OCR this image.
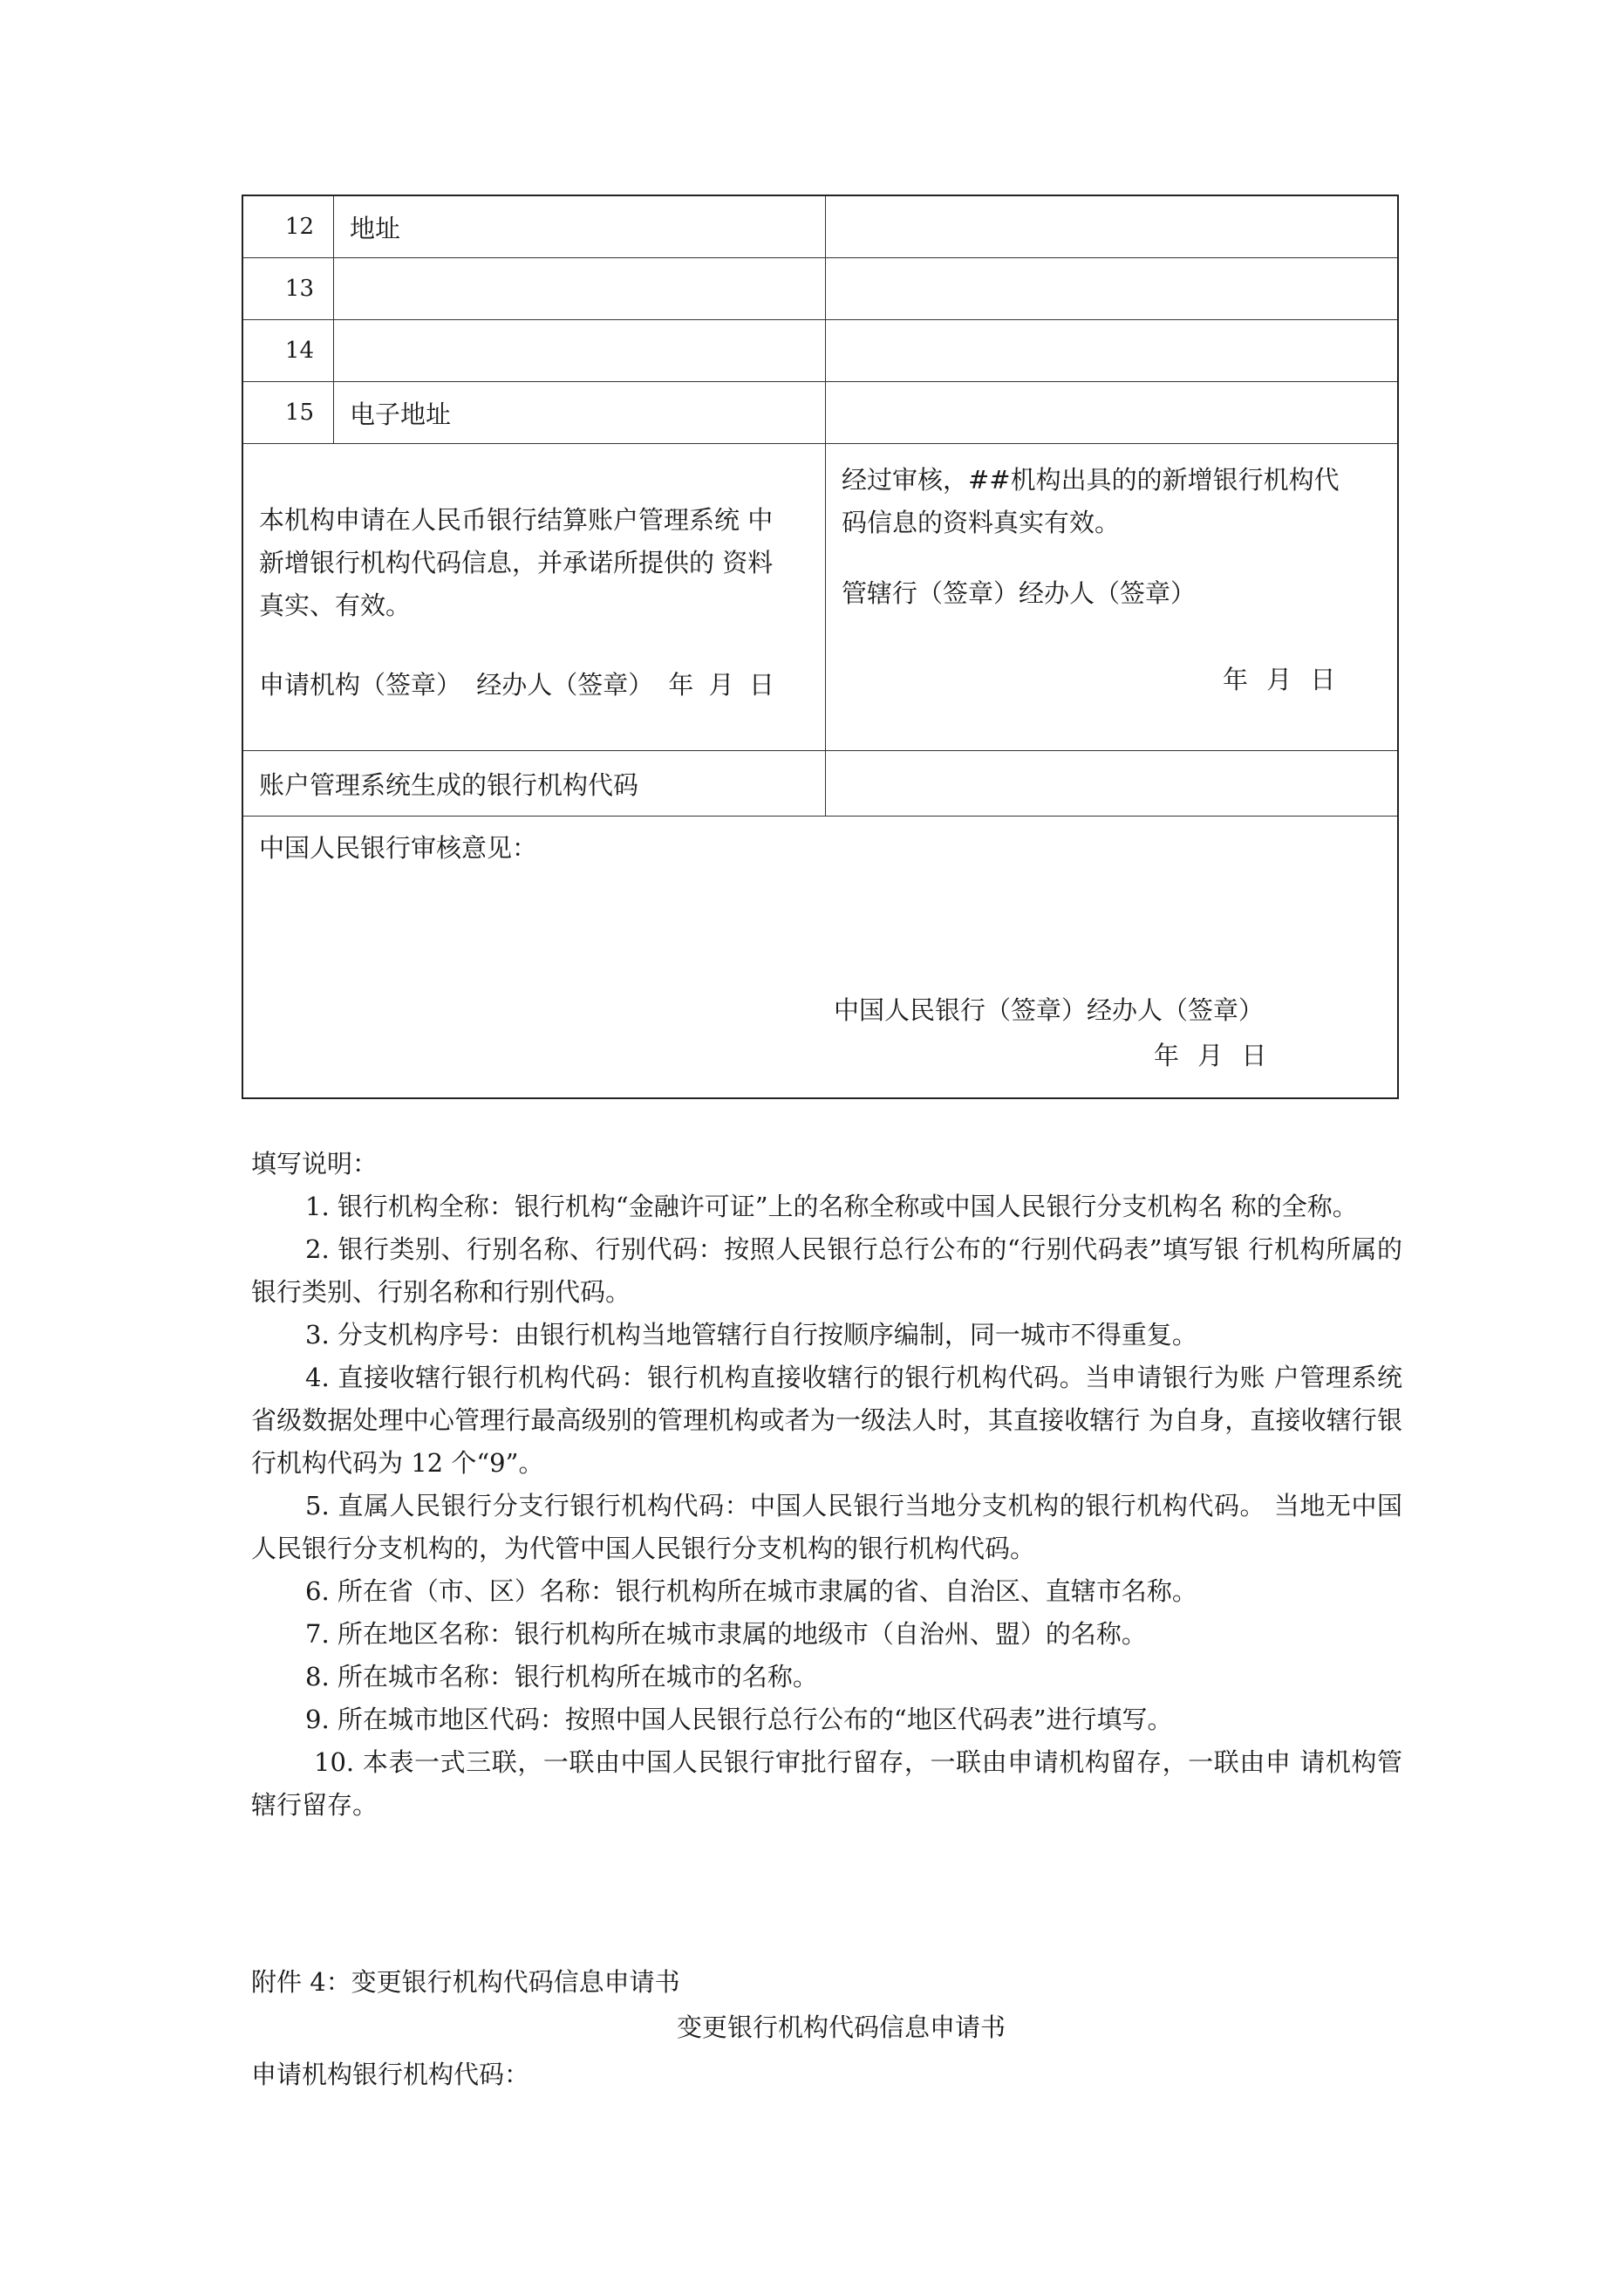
12	地址
13
14
15	电子地址
本机构申请在人民币银行结算账户管理系统 中
新增银行机构代码信息，并承诺所提供的 资料
真实、有效。
申请机构（签章） 经办人（签章） 年 月 日
经过审核，##机构出具的的新增银行机构代
码信息的资料真实有效。
管辖行（签章）经办人（签章）
年 月 日
账户管理系统生成的银行机构代码
中国人民银行审核意见：
中国人民银行（签章）经办人（签章）
年 月 日

填写说明：

1. 银行机构全称：银行机构“金融许可证”上的名称全称或中国人民银行分支机构名 称的全称。

2. 银行类别、行别名称、行别代码：按照人民银行总行公布的“行别代码表”填写银 行机构所属的银行类别、行别名称和行别代码。

3. 分支机构序号：由银行机构当地管辖行自行按顺序编制，同一城市不得重复。

4. 直接收辖行银行机构代码：银行机构直接收辖行的银行机构代码。当申请银行为账 户管理系统省级数据处理中心管理行最高级别的管理机构或者为一级法人时，其直接收辖行 为自身，直接收辖行银行机构代码为 12 个“9”。

5. 直属人民银行分支行银行机构代码：中国人民银行当地分支机构的银行机构代码。 当地无中国人民银行分支机构的，为代管中国人民银行分支机构的银行机构代码。

6. 所在省（市、区）名称：银行机构所在城市隶属的省、自治区、直辖市名称。

7. 所在地区名称：银行机构所在城市隶属的地级市（自治州、盟）的名称。

8. 所在城市名称：银行机构所在城市的名称。

9. 所在城市地区代码：按照中国人民银行总行公布的“地区代码表”进行填写。

10. 本表一式三联，一联由中国人民银行审批行留存，一联由申请机构留存，一联由申 请机构管辖行留存。

附件 4：变更银行机构代码信息申请书
变更银行机构代码信息申请书
申请机构银行机构代码：
